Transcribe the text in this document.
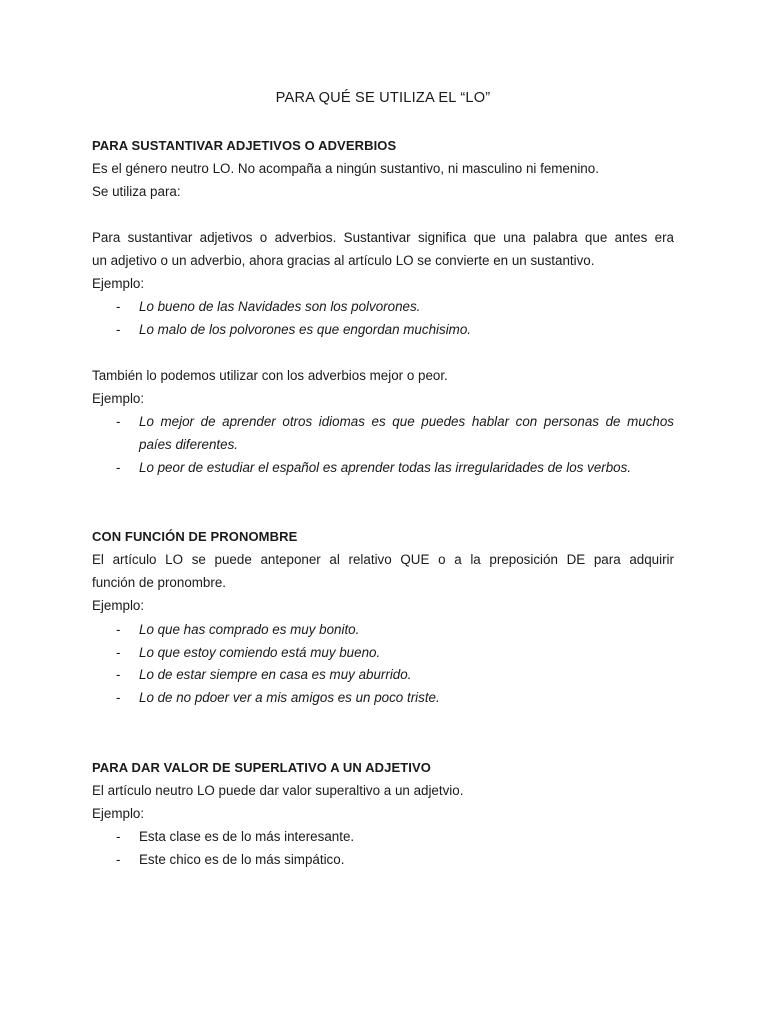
PARA QUÉ SE UTILIZA EL “LO”
PARA SUSTANTIVAR ADJETIVOS O ADVERBIOS
Es el género neutro LO. No acompaña a ningún sustantivo, ni masculino ni femenino.
Se utiliza para:
Para sustantivar adjetivos o adverbios. Sustantivar significa que una palabra que antes era
un adjetivo o un adverbio, ahora gracias al artículo LO se convierte en un sustantivo.
Ejemplo:
- Lo bueno de las Navidades son los polvorones.
- Lo malo de los polvorones es que engordan muchisimo.
También lo podemos utilizar con los adverbios mejor o peor.
Ejemplo:
- Lo mejor de aprender otros idiomas es que puedes hablar con personas de muchos
paíes diferentes.
- Lo peor de estudiar el español es aprender todas las irregularidades de los verbos.
CON FUNCIÓN DE PRONOMBRE
El artículo LO se puede anteponer al relativo QUE o a la preposición DE para adquirir
función de pronombre.
Ejemplo:
- Lo que has comprado es muy bonito.
- Lo que estoy comiendo está muy bueno.
- Lo de estar siempre en casa es muy aburrido.
- Lo de no pdoer ver a mis amigos es un poco triste.
PARA DAR VALOR DE SUPERLATIVO A UN ADJETIVO
El artículo neutro LO puede dar valor superaltivo a un adjetvio.
Ejemplo:
- Esta clase es de lo más interesante.
- Este chico es de lo más simpático.
